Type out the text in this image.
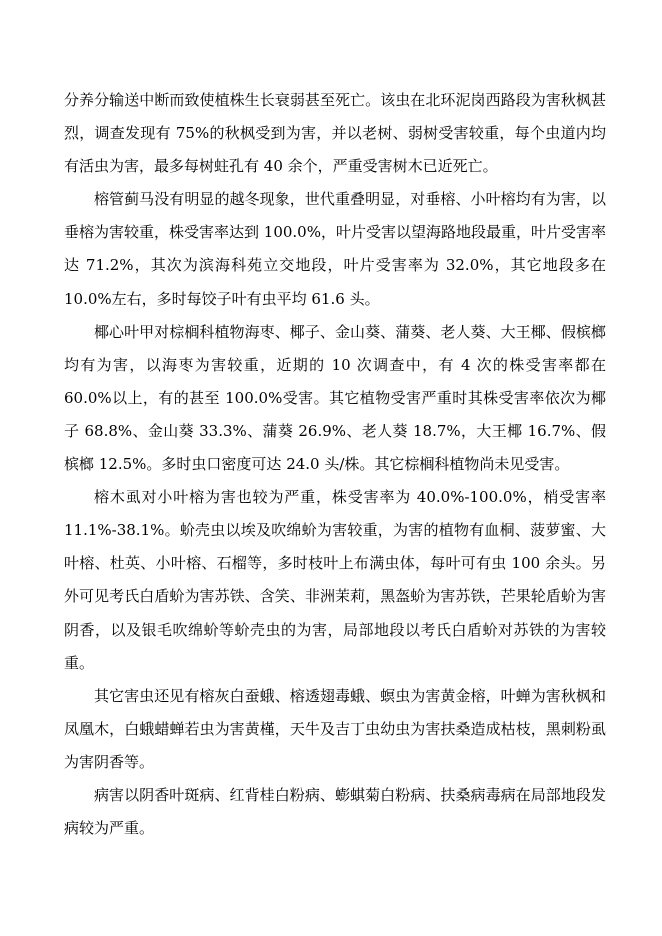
分养分输送中断而致使植株生长衰弱甚至死亡。该虫在北环泥岗西路段为害秋枫甚烈，调查发现有 75%的秋枫受到为害，并以老树、弱树受害较重，每个虫道内均有活虫为害，最多每树蛀孔有 40 余个，严重受害树木已近死亡。

榕管蓟马没有明显的越冬现象，世代重叠明显，对垂榕、小叶榕均有为害，以垂榕为害较重，株受害率达到 100.0%，叶片受害以望海路地段最重，叶片受害率达 71.2%，其次为滨海科苑立交地段，叶片受害率为 32.0%，其它地段多在 10.0%左右，多时每饺子叶有虫平均 61.6 头。

椰心叶甲对棕榈科植物海枣、椰子、金山葵、蒲葵、老人葵、大王椰、假槟榔均有为害，以海枣为害较重，近期的 10 次调查中，有 4 次的株受害率都在 60.0%以上，有的甚至 100.0%受害。其它植物受害严重时其株受害率依次为椰子 68.8%、金山葵 33.3%、蒲葵 26.9%、老人葵 18.7%，大王椰 16.7%、假槟榔 12.5%。多时虫口密度可达 24.0 头/株。其它棕榈科植物尚未见受害。

榕木虱对小叶榕为害也较为严重，株受害率为 40.0%-100.0%，梢受害率 11.1%-38.1%。蚧壳虫以埃及吹绵蚧为害较重，为害的植物有血桐、菠萝蜜、大叶榕、杜英、小叶榕、石榴等，多时枝叶上布满虫体，每叶可有虫 100 余头。另外可见考氏白盾蚧为害苏铁、含笑、非洲茉莉，黑盔蚧为害苏铁，芒果轮盾蚧为害阴香，以及银毛吹绵蚧等蚧壳虫的为害，局部地段以考氏白盾蚧对苏铁的为害较重。

其它害虫还见有榕灰白蚕蛾、榕透翅毒蛾、螟虫为害黄金榕，叶蝉为害秋枫和凤凰木，白蛾蜡蝉若虫为害黄槿，天牛及吉丁虫幼虫为害扶桑造成枯枝，黑刺粉虱为害阴香等。

病害以阴香叶斑病、红背桂白粉病、蟛蜞菊白粉病、扶桑病毒病在局部地段发病较为严重。
